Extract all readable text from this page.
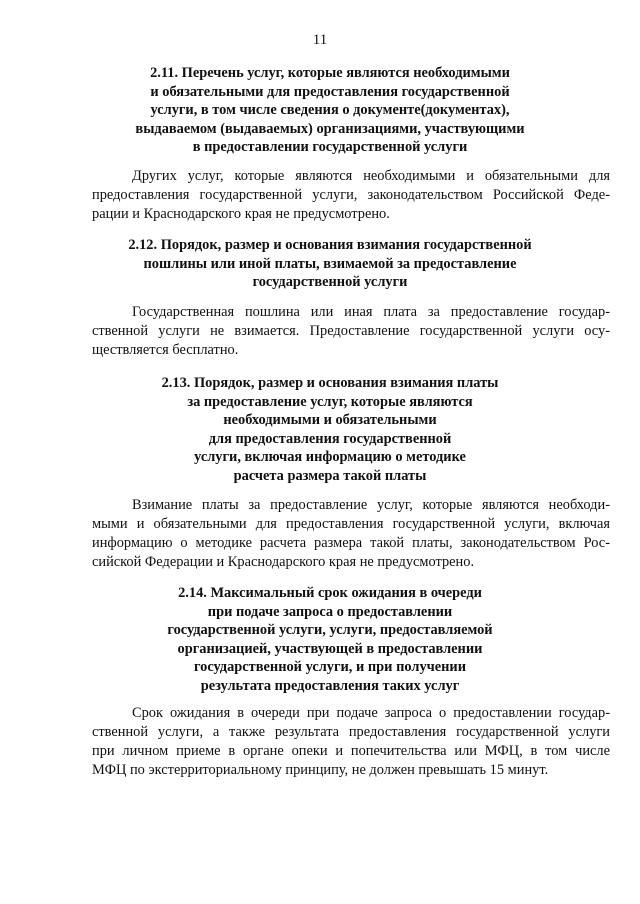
11
2.11. Перечень услуг, которые являются необходимыми
и обязательными для предоставления государственной
услуги, в том числе сведения о документе(документах),
выдаваемом (выдаваемых) организациями, участвующими
в предоставлении государственной услуги
Других услуг, которые являются необходимыми и обязательными для
предоставления государственной услуги, законодательством Российской Феде-
рации и Краснодарского края не предусмотрено.
2.12. Порядок, размер и основания взимания государственной
пошлины или иной платы, взимаемой за предоставление
государственной услуги
Государственная пошлина или иная плата за предоставление государ-
ственной услуги не взимается. Предоставление государственной услуги осу-
ществляется бесплатно.
2.13. Порядок, размер и основания взимания платы
за предоставление услуг, которые являются
необходимыми и обязательными
для предоставления государственной
услуги, включая информацию о методике
расчета размера такой платы
Взимание платы за предоставление услуг, которые являются необходи-
мыми и обязательными для предоставления государственной услуги, включая
информацию о методике расчета размера такой платы, законодательством Рос-
сийской Федерации и Краснодарского края не предусмотрено.
2.14. Максимальный срок ожидания в очереди
при подаче запроса о предоставлении
государственной услуги, услуги, предоставляемой
организацией, участвующей в предоставлении
государственной услуги, и при получении
результата предоставления таких услуг
Срок ожидания в очереди при подаче запроса о предоставлении государ-
ственной услуги, а также результата предоставления государственной услуги
при личном приеме в органе опеки и попечительства или МФЦ, в том числе
МФЦ по экстерриториальному принципу, не должен превышать 15 минут.
